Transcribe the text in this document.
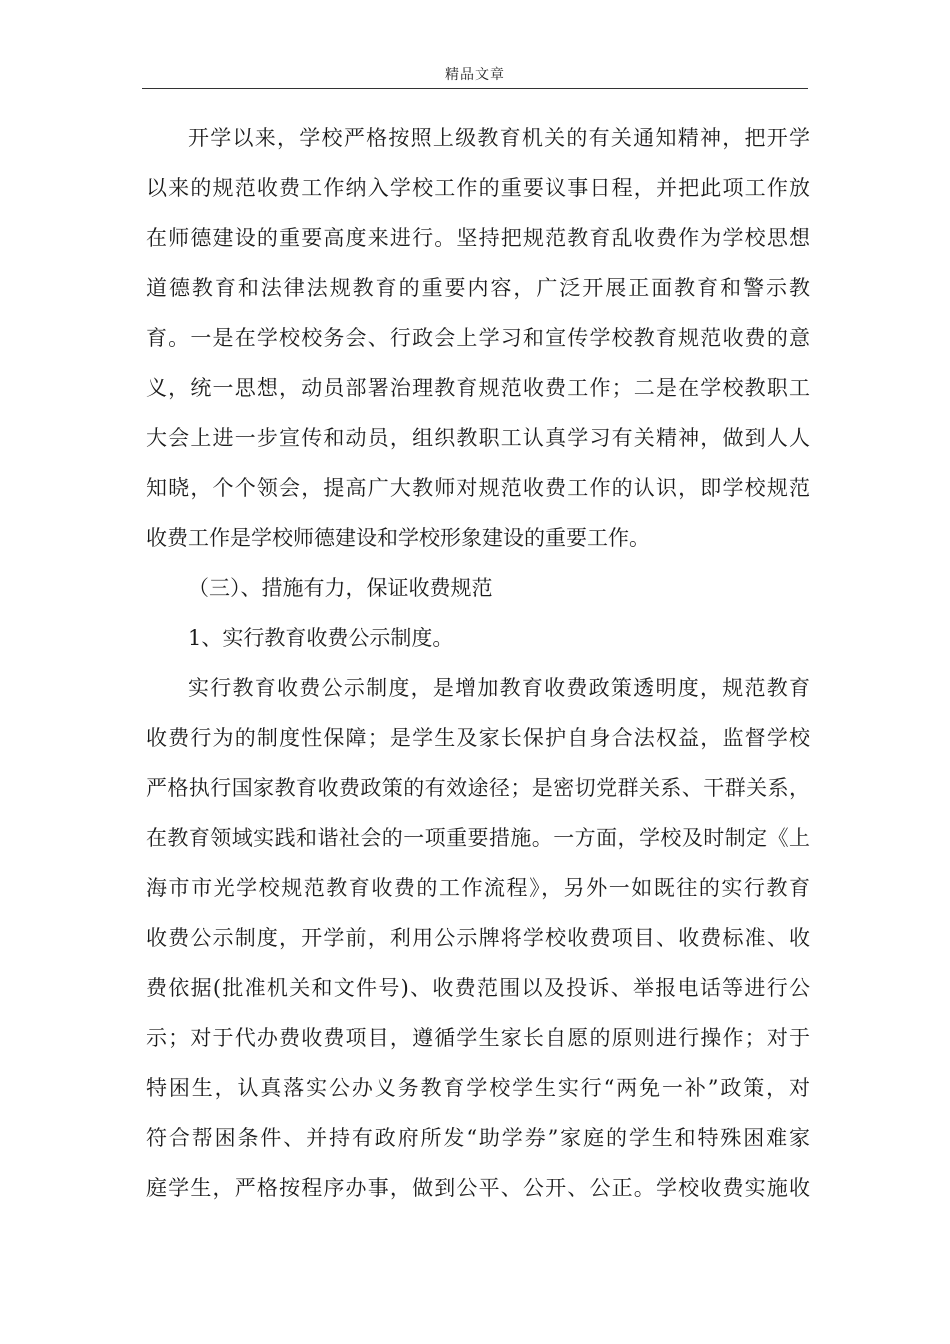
精品文章
开学以来，学校严格按照上级教育机关的有关通知精神，把开学
以来的规范收费工作纳入学校工作的重要议事日程，并把此项工作放
在师德建设的重要高度来进行。坚持把规范教育乱收费作为学校思想
道德教育和法律法规教育的重要内容，广泛开展正面教育和警示教
育。一是在学校校务会、行政会上学习和宣传学校教育规范收费的意
义，统一思想，动员部署治理教育规范收费工作；二是在学校教职工
大会上进一步宣传和动员，组织教职工认真学习有关精神，做到人人
知晓，个个领会，提高广大教师对规范收费工作的认识，即学校规范
收费工作是学校师德建设和学校形象建设的重要工作。
（三）、措施有力，保证收费规范
1、实行教育收费公示制度。
实行教育收费公示制度，是增加教育收费政策透明度，规范教育
收费行为的制度性保障；是学生及家长保护自身合法权益，监督学校
严格执行国家教育收费政策的有效途径；是密切党群关系、干群关系，
在教育领域实践和谐社会的一项重要措施。一方面，学校及时制定《上
海市市光学校规范教育收费的工作流程》，另外一如既往的实行教育
收费公示制度，开学前，利用公示牌将学校收费项目、收费标准、收
费依据(批准机关和文件号)、收费范围以及投诉、举报电话等进行公
示；对于代办费收费项目，遵循学生家长自愿的原则进行操作；对于
特困生，认真落实公办义务教育学校学生实行“两免一补”政策，对
符合帮困条件、并持有政府所发“助学券”家庭的学生和特殊困难家
庭学生，严格按程序办事，做到公平、公开、公正。学校收费实施收
